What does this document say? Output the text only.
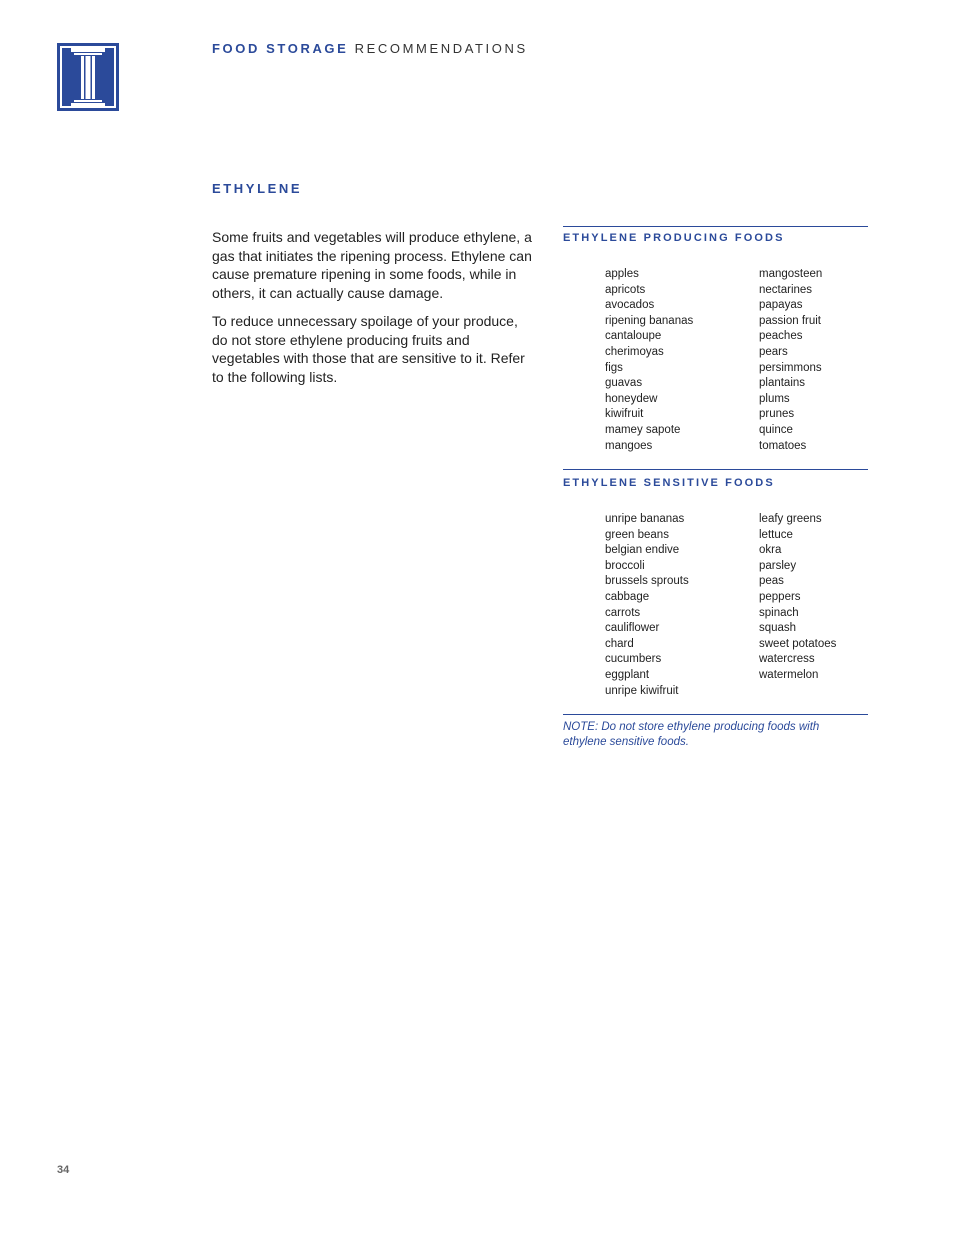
FOOD STORAGE RECOMMENDATIONS
ETHYLENE

Some fruits and vegetables will produce ethylene, a gas that initiates the ripening process. Ethylene can cause premature ripening in some foods, while in others, it can actually cause damage.

To reduce unnecessary spoilage of your produce, do not store ethylene producing fruits and vegetables with those that are sensitive to it. Refer to the following lists.

ETHYLENE PRODUCING FOODS
apples
apricots
avocados
ripening bananas
cantaloupe
cherimoyas
figs
guavas
honeydew
kiwifruit
mamey sapote
mangoes
mangosteen
nectarines
papayas
passion fruit
peaches
pears
persimmons
plantains
plums
prunes
quince
tomatoes
ETHYLENE SENSITIVE FOODS
unripe bananas
green beans
belgian endive
broccoli
brussels sprouts
cabbage
carrots
cauliflower
chard
cucumbers
eggplant
unripe kiwifruit
leafy greens
lettuce
okra
parsley
peas
peppers
spinach
squash
sweet potatoes
watercress
watermelon
NOTE: Do not store ethylene producing foods with ethylene sensitive foods.
34
